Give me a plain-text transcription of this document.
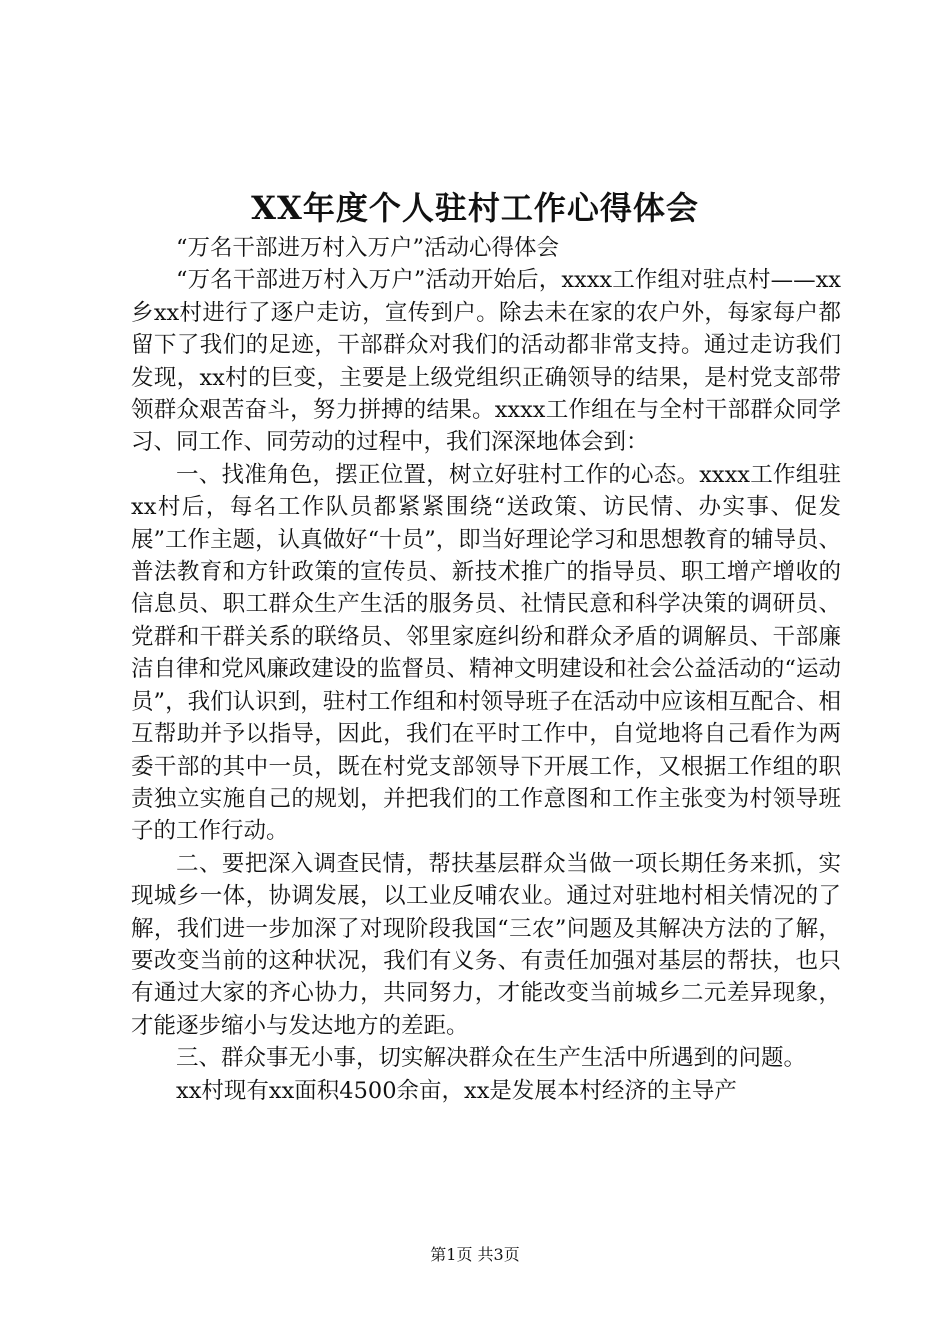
XX年度个人驻村工作心得体会

“万名干部进万村入万户”活动心得体会

“万名干部进万村入万户”活动开始后，xxxx工作组对驻点村——xx乡xx村进行了逐户走访，宣传到户。除去未在家的农户外，每家每户都留下了我们的足迹，干部群众对我们的活动都非常支持。通过走访我们发现，xx村的巨变，主要是上级党组织正确领导的结果，是村党支部带领群众艰苦奋斗，努力拼搏的结果。xxxx工作组在与全村干部群众同学习、同工作、同劳动的过程中，我们深深地体会到：

一、找准角色，摆正位置，树立好驻村工作的心态。xxxx工作组驻xx村后，每名工作队员都紧紧围绕“送政策、访民情、办实事、促发展”工作主题，认真做好“十员”，即当好理论学习和思想教育的辅导员、普法教育和方针政策的宣传员、新技术推广的指导员、职工增产增收的信息员、职工群众生产生活的服务员、社情民意和科学决策的调研员、党群和干群关系的联络员、邻里家庭纠纷和群众矛盾的调解员、干部廉洁自律和党风廉政建设的监督员、精神文明建设和社会公益活动的“运动员”，我们认识到，驻村工作组和村领导班子在活动中应该相互配合、相互帮助并予以指导，因此，我们在平时工作中，自觉地将自己看作为两委干部的其中一员，既在村党支部领导下开展工作，又根据工作组的职责独立实施自己的规划，并把我们的工作意图和工作主张变为村领导班子的工作行动。

二、要把深入调查民情，帮扶基层群众当做一项长期任务来抓，实现城乡一体，协调发展，以工业反哺农业。通过对驻地村相关情况的了解，我们进一步加深了对现阶段我国“三农”问题及其解决方法的了解，要改变当前的这种状况，我们有义务、有责任加强对基层的帮扶，也只有通过大家的齐心协力，共同努力，才能改变当前城乡二元差异现象，才能逐步缩小与发达地方的差距。

三、群众事无小事，切实解决群众在生产生活中所遇到的问题。

xx村现有xx面积4500余亩，xx是发展本村经济的主导产

第1页 共3页
